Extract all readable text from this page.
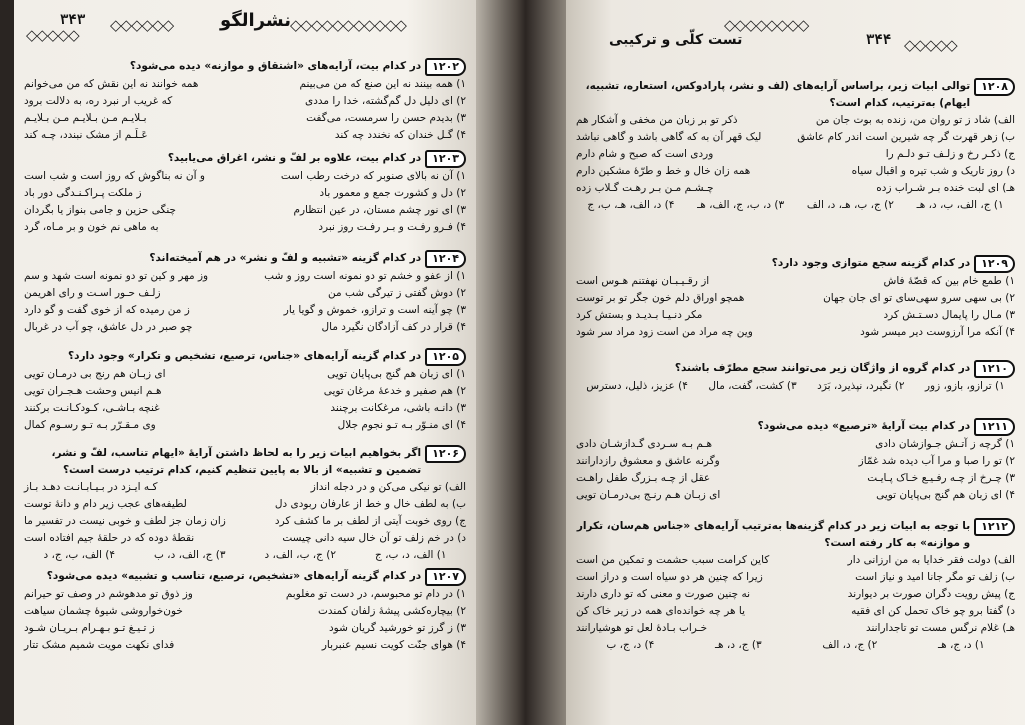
۳۴۳
◇◇◇◇◇
◇◇◇◇◇◇	نشرالگو ◇◇◇◇◇◇◇◇◇◇◇
۱۲۰۲
در کدام بیت، آرایه‌های «اشتقاق و موازنه» دیده می‌شود؟
۱) همه بینند نه این صنع که من می‌بینم
همه خوانند نه این نقش که من می‌خوانم
۲) ای دلیل دل گم‌گشته، خدا را مددی
که غریب ار نبرد ره، به دلالت برود
۳) بدیدم حسن را سرمست، می‌گفت
بـلایـم مـن بـلایـم مـن بـلایـم
۴) گـل خندان که نخندد چه کند
عَـلَـم از مشک نبندد، چـه کند
۱۲۰۳
در کدام بیت، علاوه بر لفّ و نشر، اغراق می‌یابید؟
۱) آن نه بالای صنوبر که درخت رطب است
و آن نه بناگوش که روز است و شب است
۲) دل و کشورت جمع و معمور باد
ز ملکت پـراکـنـدگی دور باد
۳) ای نور چشم مستان، در عین انتظارم
چنگی حزین و جامی بنواز یا بگردان
۴) فـرو رفـت و بـر رفـت روز نبرد
به ماهی نم خون و بر مـاه، گرد
۱۲۰۴
در کدام گزینه «تشبیه و لفّ و نشر» در هم آمیخته‌اند؟
۱) از عفو و خشم تو دو نمونه است روز و شب
وز مهر و کین تو دو نمونه است شهد و سم
۲) دوش گفتی ز تیرگی شب من
زلـف حـور اسـت و رای اهریمن
۳) چو آینه است و ترازو، خموش و گویا یار
ز من رمیده که از خوی گفت و گو دارد
۴) قرار در کف آزادگان نگیرد مال
چو صبر در دل عاشق، چو آب در غربال
۱۲۰۵
در کدام گزینه آرایه‌های «جناس، ترصیع، تشخیص و تکرار» وجود دارد؟
۱) ای زبان هم گنج بی‌پایان تویی
ای زبـان هم رنج بی درمـان تویی
۲) هم صفیر و خدعهٔ مرغان تویی
هـم انیس وحشت هـجـران تویی
۳) دانـه باشی، مرغکانت برچنند
غنچه بـاشـی، کـودکـانـت برکنند
۴) ای منـوّر بـه تـو نجوم جلال
وی مـقـرّر بـه تـو رسـوم کمال
۱۲۰۶
اگر بخواهیم ابیات زیر را به لحاظ داشتن آرایهٔ «ایهام تناسب، لفّ و نشر، تضمین و تشبیه» از بالا به پایین تنظیم کنیم، کدام ترتیب درست است؟
الف) تو نیکی می‌کن و در دجله انداز
کـه ایـزد در بـیـابـانـت دهـد بـاز
ب) به لطف خال و خط از عارفان ربودی دل
لطیفه‌های عجب زیر دام و دانهٔ توست
ج) روی خوبت آیتی از لطف بر ما کشف کرد
زان زمان جز لطف و خوبی نیست در تفسیر ما
د) در خم زلف تو آن خال سیه دانی چیست
نقطهٔ دوده که در حلقهٔ جیم افتاده است
۱) الف، د، ب، ج
۲) ج، ب، الف، د
۳) ج، الف، د، ب
۴) الف، ب، ج، د
۱۲۰۷
در کدام گزینه آرایه‌های «تشخیص، ترصیع، تناسب و تشبیه» دیده می‌شود؟
۱) در دام تو محبوسم، در دست تو مغلوبم
وز ذوق تو مدهوشم در وصف تو حیرانم
۲) بیچاره‌کشی پیشهٔ زلفان کمندت
خون‌خواروشی شیوهٔ چشمان سیاهت
۳) ز گرز تو خورشید گریان شود
ز تـیـغ تـو بـهـرام بـریـان شـود
۴) هوای جنّت کویت نسیم عنبربار
فدای نکهت مویت شمیم مشک تتار
◇◇◇◇◇◇◇◇
تست کلّی و ترکیبی	۳۴۴ ◇◇◇◇◇
۱۲۰۸
توالی ابیات زیر، براساس آرایه‌های (لف و نشر، پارادوکس، استعاره، تشبیه، ایهام) به‌ترتیب، کدام است؟
الف) شاد ز تو روان من، زنده به بوت جان من
ذکر تو بر زبان من مخفی و آشکار هم
ب) زهر قهرت گر چه شیرین است اندر کام عاشق
لیک قهر آن به که گاهی باشد و گاهی نباشد
ج) ذکـر رخ و زلـف تـو دلـم را
وردی است که صبح و شام دارم
د) روز تاریک و شب تیره و اقبال سیاه
همه زان خال و خط و طرّهٔ مشکین دارم
هـ) ای لبت خنده بـر شـراب زده
چـشـم مـن بـر رهـت گـلاب زده
۱) ج، الف، ب، د، هـ
۲) ج، ب، هـ، د، الف
۳) د، ب، ج، الف، هـ
۴) د، الف، هـ، ب، ج
۱۲۰۹
در کدام گزینه سجع متوازی وجود دارد؟
۱) طمع خام بین که قصّهٔ فاش
از رقـیـبـان نهفتنم هـوس است
۲) بی سهی سرو سهی‌سای تو ای جان جهان
همچو اوراق دلم خون جگر تو بر توست
۳) مـال را پایمال دسـتـش کرد
مکر دنـیـا بـدیـد و بستش کرد
۴) آنکه مرا آرزوست دیر میسر شود
وین چه مراد من است زود مراد سر شود
۱۲۱۰
در کدام گروه از واژگان زیر می‌توانند سجع مطرّف باشند؟
۱) ترازو، بازو، زور
۲) نگیرد، نپذیرد، بَرَد
۳) کشت، گفت، مال
۴) عزیز، ذلیل، دسترس
۱۲۱۱
در کدام بیت آرایهٔ «ترصیع» دیده می‌شود؟
۱) گرچه ز آتـش جـوازشان دادی
هـم بـه سـردی گـدازشـان دادی
۲) تو را صبا و مرا آب دیده شد غمّاز
وگرنه عاشق و معشوق رازدارانند
۳) چـرخ از چـه رفـیـع خـاک پـایـت
عقل از چـه بـزرگ طفل راهـت
۴) ای زبان هم گنج بی‌پایان تویی
ای زبـان هـم رنـج بی‌درمـان تویی
۱۲۱۲
با توجه به ابیات زیر در کدام گزینه‌ها به‌ترتیب آرایه‌های «جناس هم‌سان، تکرار و موازنه» به کار رفته است؟
الف) دولت فقر خدایا به من ارزانی دار
کاین کرامت سبب حشمت و تمکین من است
ب) زلف تو مگر جانا امید و نیاز است
زیرا که چنین هر دو سیاه است و دراز است
ج) پیش رویت دگران صورت بر دیوارند
نه چنین صورت و معنی که تو داری دارند
د) گفتا برو چو خاک تحمل کن ای فقیه
یا هر چه خوانده‌ای همه در زیر خاک کن
هـ) غلام نرگس مست تو تاجدارانند
خـراب بـادهٔ لعل تو هوشیارانند
۱) د، ج، هـ
۲) ج، د، الف
۳) ج، د، هـ
۴) د، ج، ب
